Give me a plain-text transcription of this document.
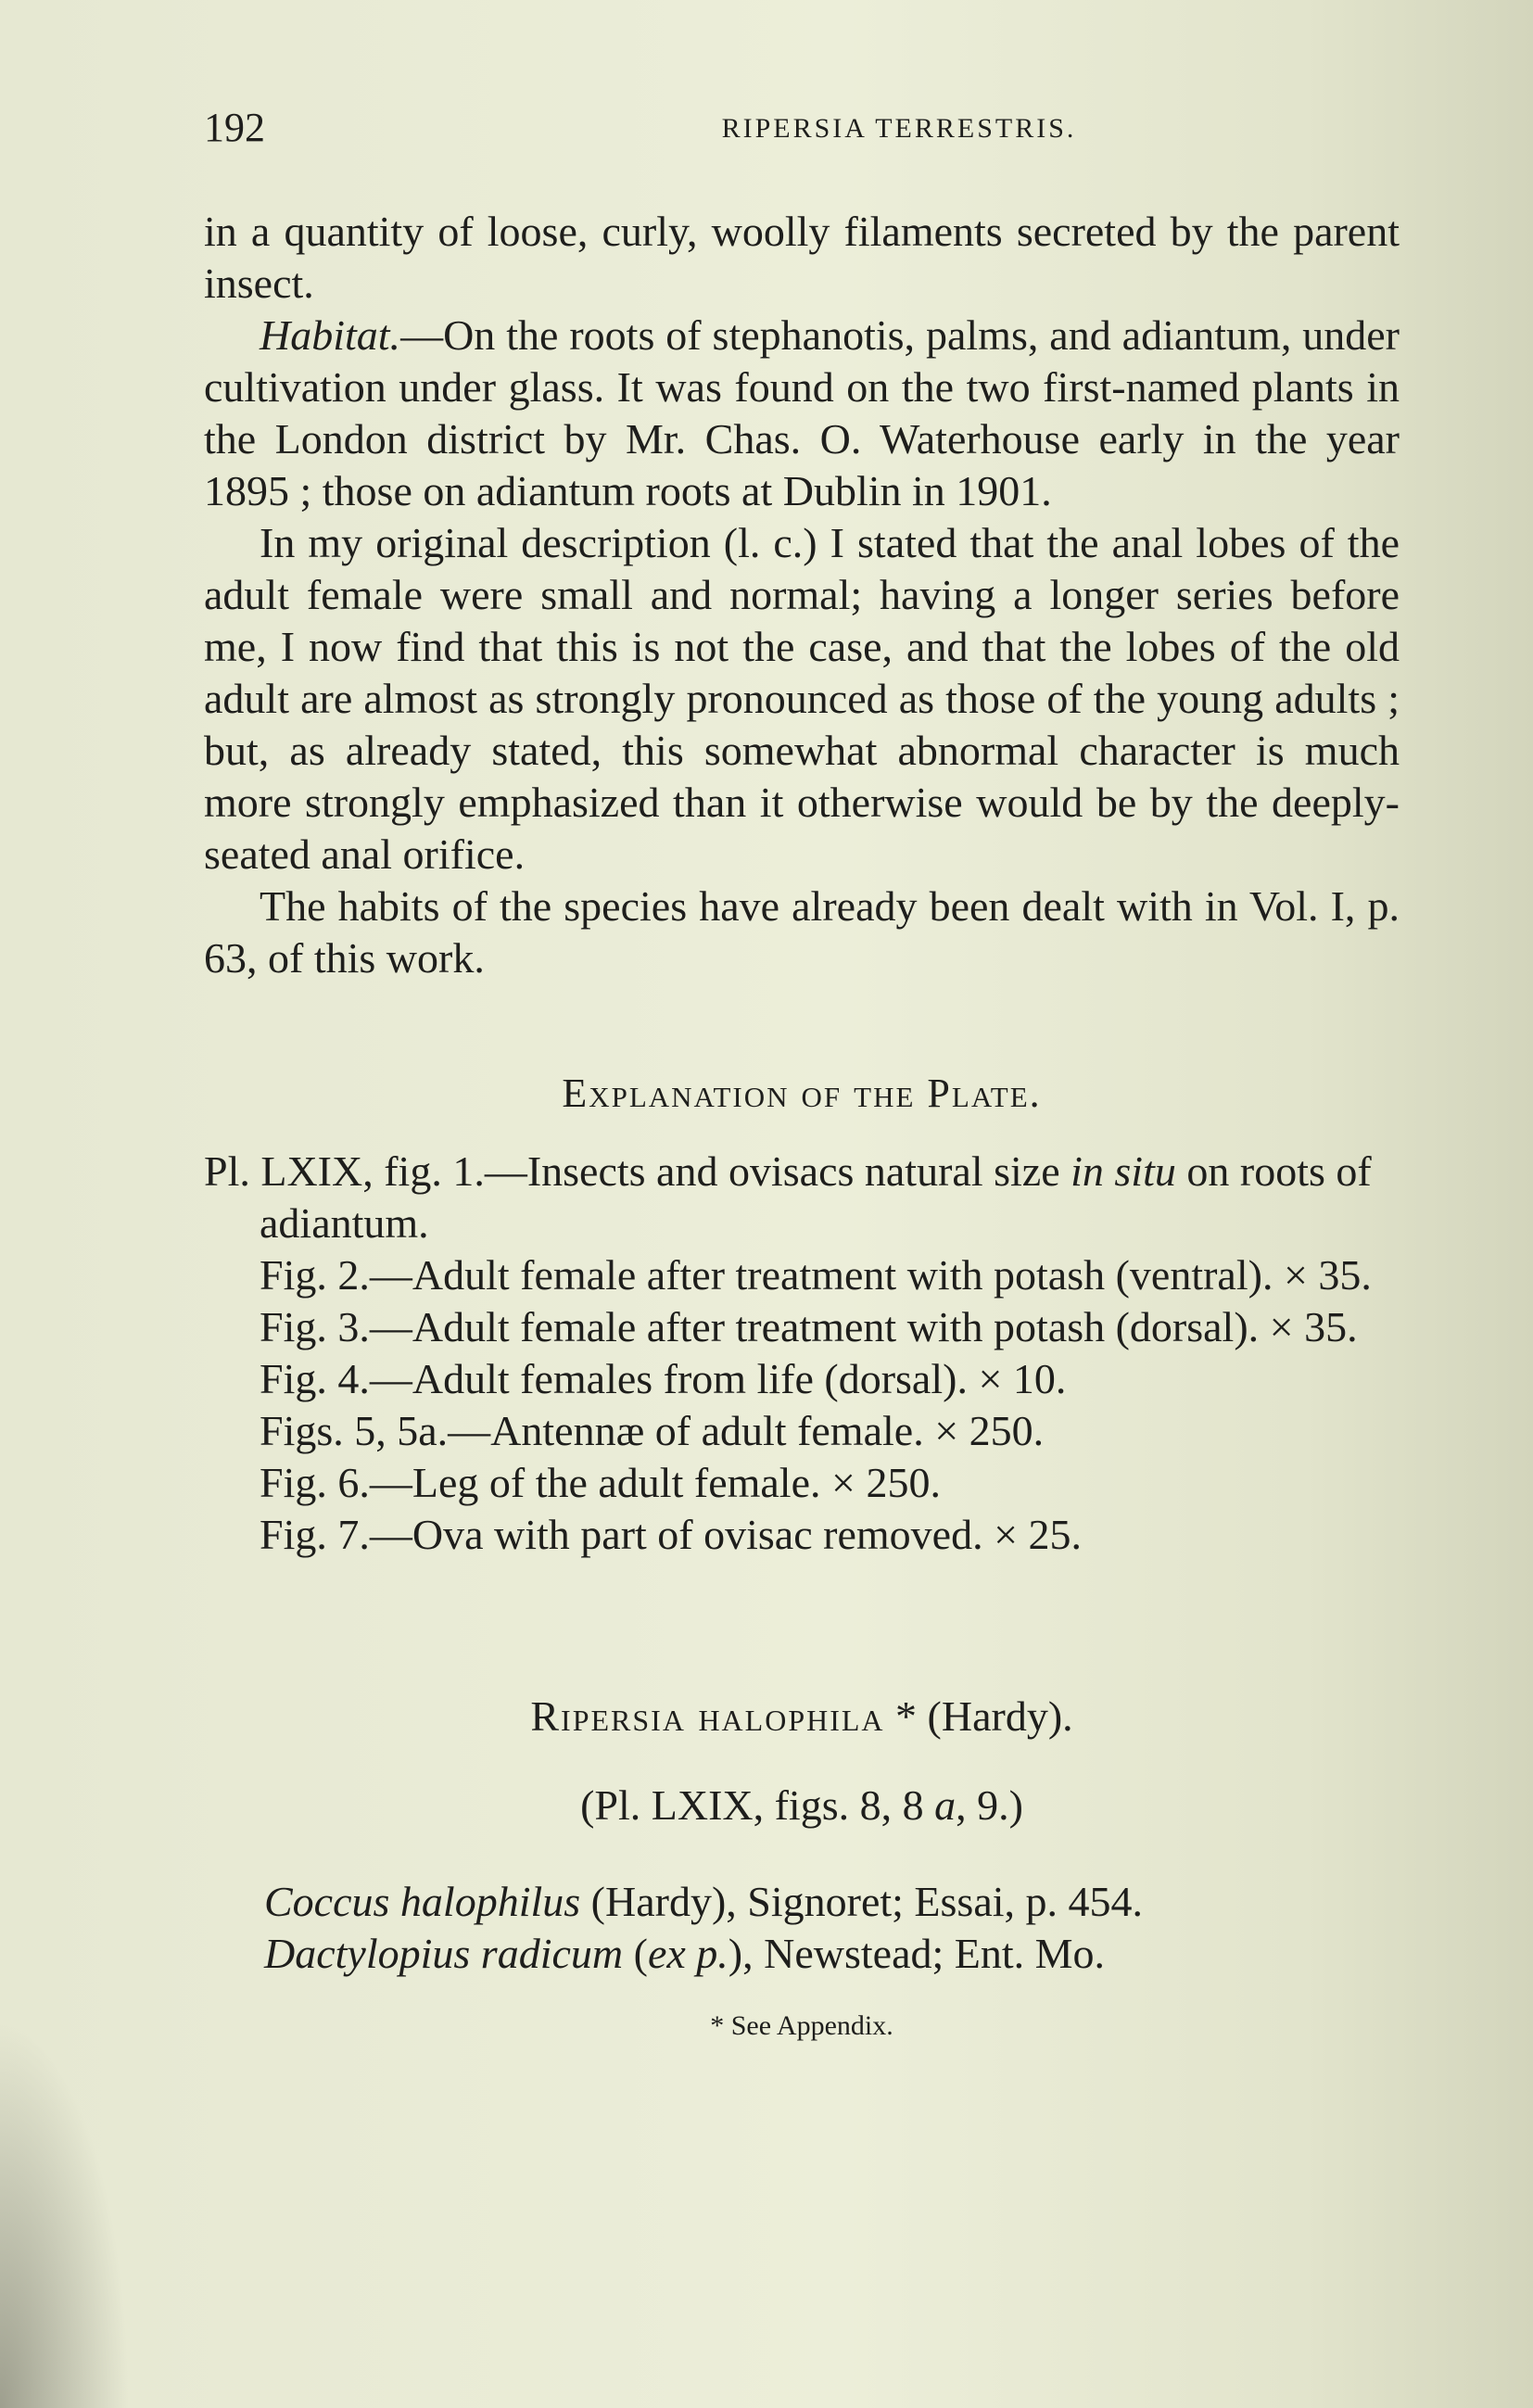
192	RIPERSIA TERRESTRIS.

in a quantity of loose, curly, woolly filaments secreted by the parent insect.

Habitat.—On the roots of stephanotis, palms, and adiantum, under cultivation under glass. It was found on the two first-named plants in the London district by Mr. Chas. O. Waterhouse early in the year 1895 ; those on adiantum roots at Dublin in 1901.

In my original description (l. c.) I stated that the anal lobes of the adult female were small and normal; having a longer series before me, I now find that this is not the case, and that the lobes of the old adult are almost as strongly pronounced as those of the young adults ; but, as already stated, this somewhat abnormal character is much more strongly emphasized than it otherwise would be by the deeply-seated anal orifice.

The habits of the species have already been dealt with in Vol. I, p. 63, of this work.

Explanation of the Plate.
Pl. LXIX, fig. 1.—Insects and ovisacs natural size in situ on roots of adiantum.
Fig. 2.—Adult female after treatment with potash (ventral). × 35.
Fig. 3.—Adult female after treatment with potash (dorsal). × 35.
Fig. 4.—Adult females from life (dorsal). × 10.
Figs. 5, 5a.—Antennæ of adult female. × 250.
Fig. 6.—Leg of the adult female. × 250.
Fig. 7.—Ova with part of ovisac removed. × 25.
Ripersia halophila * (Hardy).
(Pl. LXIX, figs. 8, 8 a, 9.)

Coccus halophilus (Hardy), Signoret; Essai, p. 454.

Dactylopius radicum (ex p.), Newstead; Ent. Mo.

* See Appendix.
